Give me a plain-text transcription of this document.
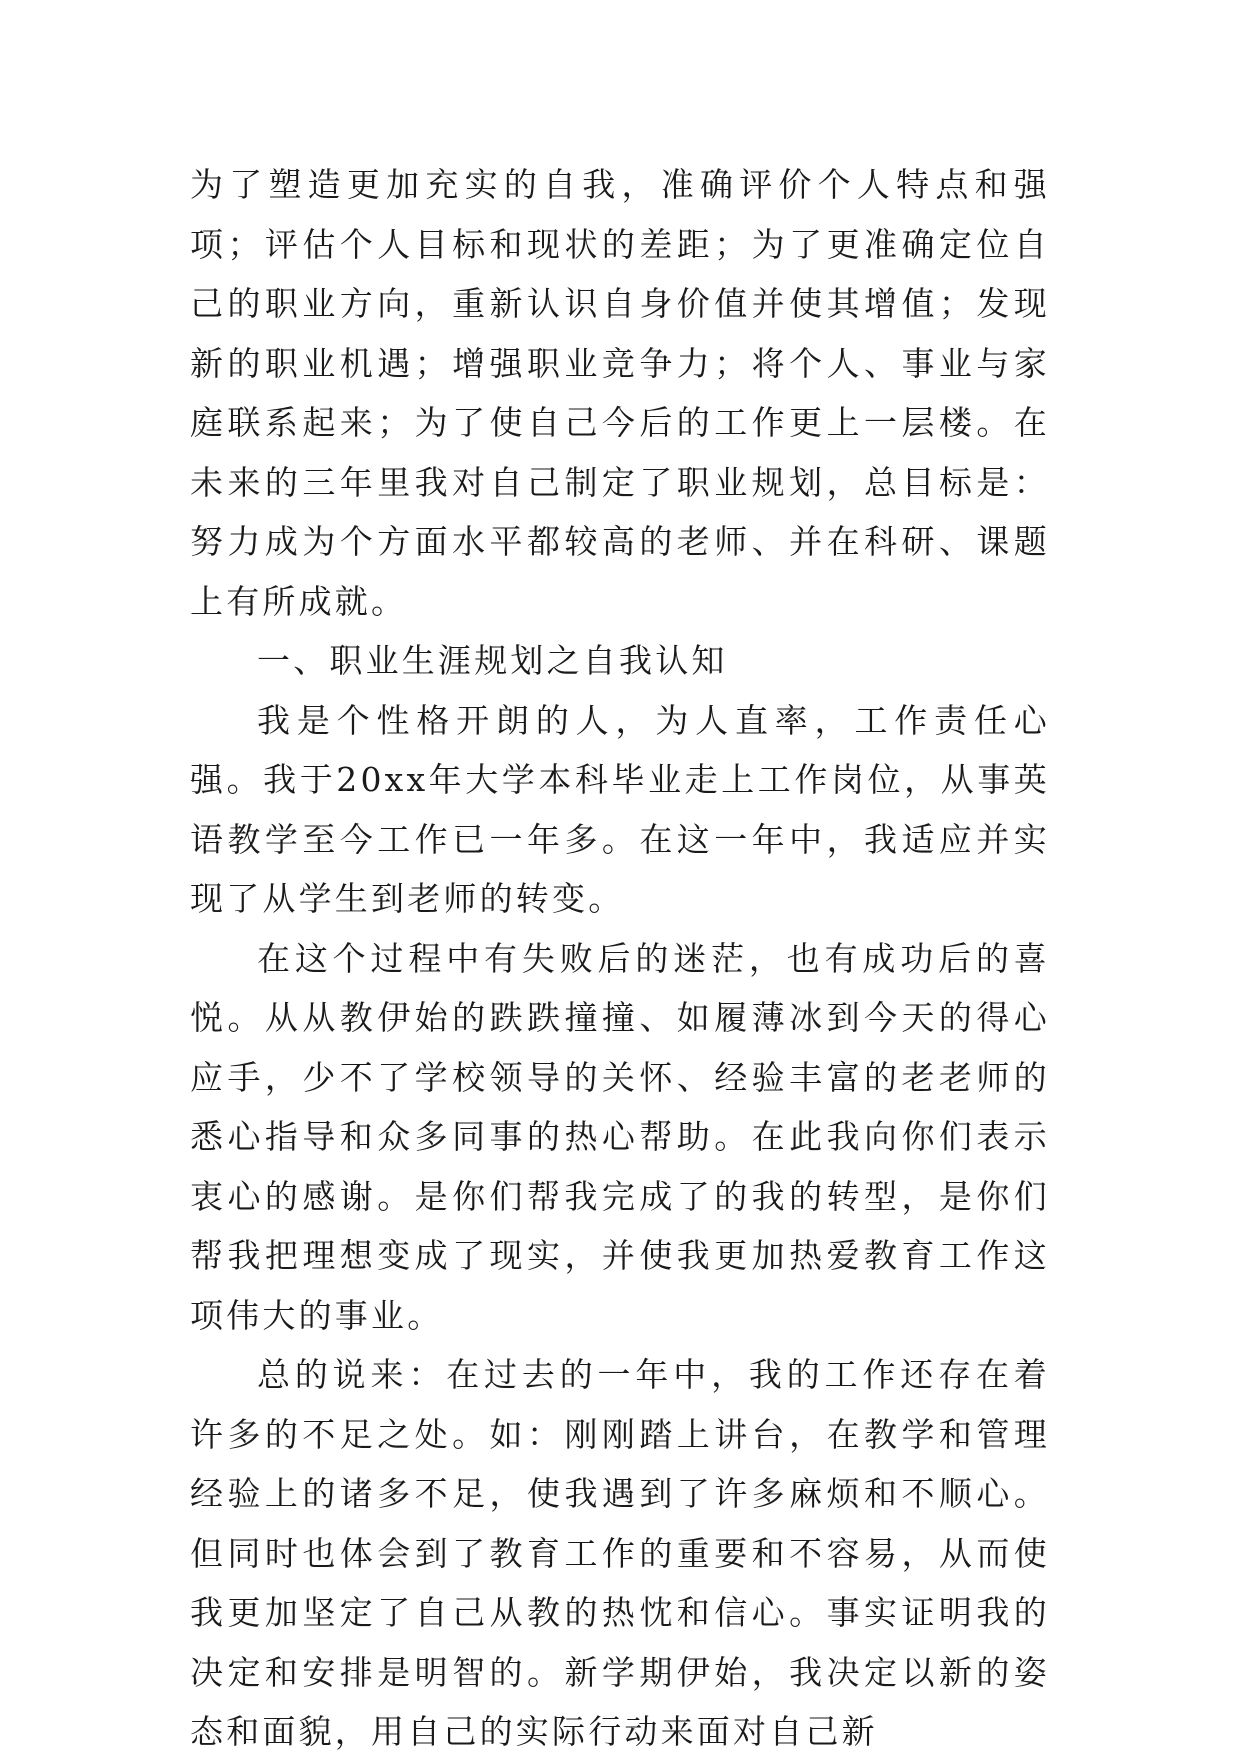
为了塑造更加充实的自我，准确评价个人特点和强项；评估个人目标和现状的差距；为了更准确定位自己的职业方向，重新认识自身价值并使其增值；发现新的职业机遇；增强职业竞争力；将个人、事业与家庭联系起来；为了使自己今后的工作更上一层楼。在未来的三年里我对自己制定了职业规划，总目标是：努力成为个方面水平都较高的老师、并在科研、课题上有所成就。

一、职业生涯规划之自我认知

我是个性格开朗的人，为人直率，工作责任心强。我于20xx年大学本科毕业走上工作岗位，从事英语教学至今工作已一年多。在这一年中，我适应并实现了从学生到老师的转变。

在这个过程中有失败后的迷茫，也有成功后的喜悦。从从教伊始的跌跌撞撞、如履薄冰到今天的得心应手，少不了学校领导的关怀、经验丰富的老老师的悉心指导和众多同事的热心帮助。在此我向你们表示衷心的感谢。是你们帮我完成了的我的转型，是你们帮我把理想变成了现实，并使我更加热爱教育工作这项伟大的事业。

总的说来：在过去的一年中，我的工作还存在着许多的不足之处。如：刚刚踏上讲台，在教学和管理经验上的诸多不足，使我遇到了许多麻烦和不顺心。但同时也体会到了教育工作的重要和不容易，从而使我更加坚定了自己从教的热忱和信心。事实证明我的决定和安排是明智的。新学期伊始，我决定以新的姿态和面貌，用自己的实际行动来面对自己新
